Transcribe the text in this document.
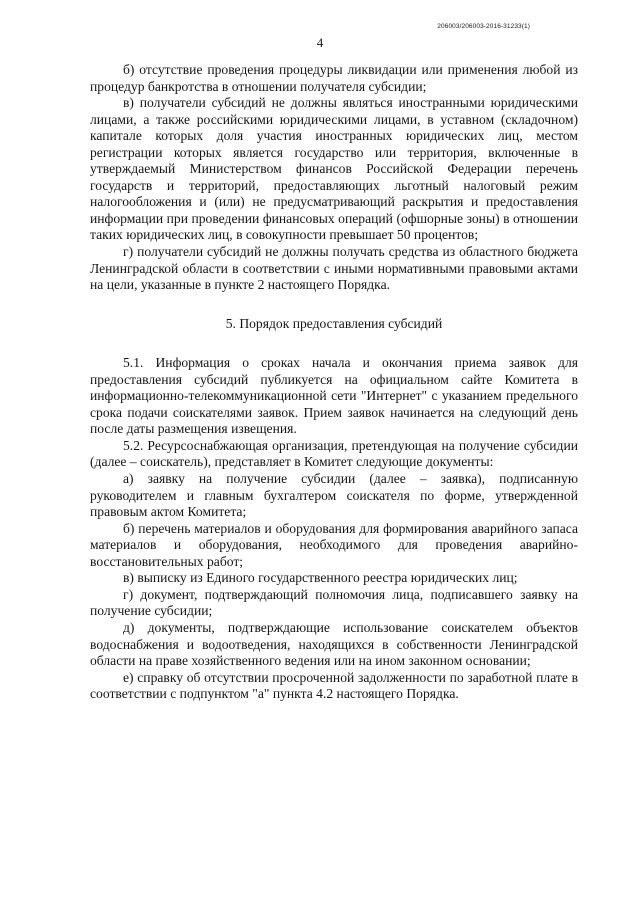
206003/206003-2016-31233(1)
4

б) отсутствие проведения процедуры ликвидации или применения любой из процедур банкротства в отношении получателя субсидии;

в) получатели субсидий не должны являться иностранными юридическими лицами, а также российскими юридическими лицами, в уставном (складочном) капитале которых доля участия иностранных юридических лиц, местом регистрации которых является государство или территория, включенные в утверждаемый Министерством финансов Российской Федерации перечень государств и территорий, предоставляющих льготный налоговый режим налогообложения и (или) не предусматривающий раскрытия и предоставления информации при проведении финансовых операций (офшорные зоны) в отношении таких юридических лиц, в совокупности превышает 50 процентов;

г) получатели субсидий не должны получать средства из областного бюджета Ленинградской области в соответствии с иными нормативными правовыми актами на цели, указанные в пункте 2 настоящего Порядка.

5. Порядок предоставления субсидий

5.1. Информация о сроках начала и окончания приема заявок для предоставления субсидий публикуется на официальном сайте Комитета в информационно-телекоммуникационной сети "Интернет" с указанием предельного срока подачи соискателями заявок. Прием заявок начинается на следующий день после даты размещения извещения.

5.2. Ресурсоснабжающая организация, претендующая на получение субсидии (далее – соискатель), представляет в Комитет следующие документы:

а) заявку на получение субсидии (далее – заявка), подписанную руководителем и главным бухгалтером соискателя по форме, утвержденной правовым актом Комитета;

б) перечень материалов и оборудования для формирования аварийного запаса материалов и оборудования, необходимого для проведения аварийно-восстановительных работ;

в) выписку из Единого государственного реестра юридических лиц;

г) документ, подтверждающий полномочия лица, подписавшего заявку на получение субсидии;

д) документы, подтверждающие использование соискателем объектов водоснабжения и водоотведения, находящихся в собственности Ленинградской области на праве хозяйственного ведения или на ином законном основании;

е) справку об отсутствии просроченной задолженности по заработной плате в соответствии с подпунктом "а" пункта 4.2 настоящего Порядка.
